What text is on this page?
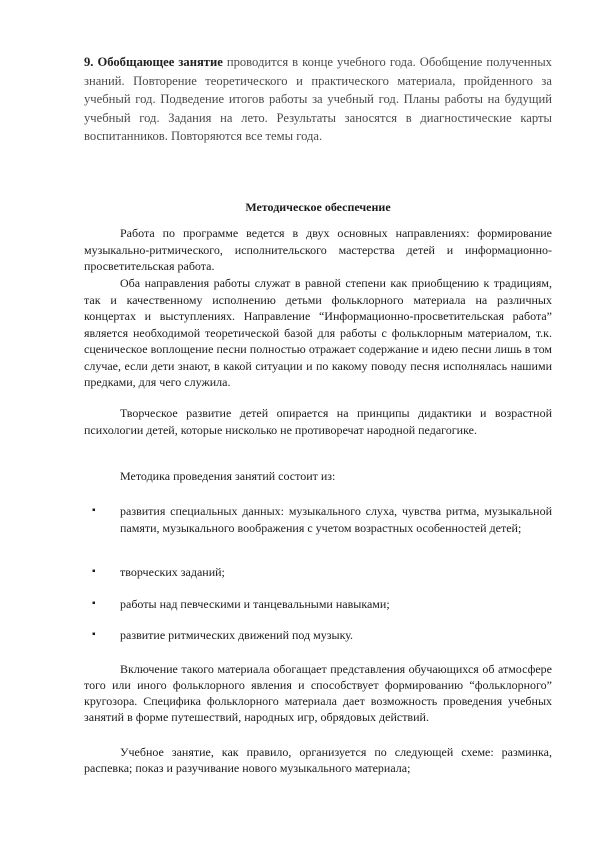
9. Обобщающее занятие проводится в конце учебного года. Обобщение полученных знаний. Повторение теоретического и практического материала, пройденного за учебный год. Подведение итогов работы за учебный год. Планы работы на будущий учебный год. Задания на лето. Результаты заносятся в диагностические карты воспитанников. Повторяются все темы года.

Методическое обеспечение

Работа по программе ведется в двух основных направлениях: формирование музыкально-ритмического, исполнительского мастерства детей и информационно-просветительская работа.

Оба направления работы служат в равной степени как приобщению к традициям, так и качественному исполнению детьми фольклорного материала на различных концертах и выступлениях. Направление “Информационно-просветительская работа” является необходимой теоретической базой для работы с фольклорным материалом, т.к. сценическое воплощение песни полностью отражает содержание и идею песни лишь в том случае, если дети знают, в какой ситуации и по какому поводу песня исполнялась нашими предками, для чего служила.

Творческое развитие детей опирается на принципы дидактики и возрастной психологии детей, которые нисколько не противоречат народной педагогике.

Методика проведения занятий состоит из:

▪ развития специальных данных: музыкального слуха, чувства ритма, музыкальной памяти, музыкального воображения с учетом возрастных особенностей детей;
▪ творческих заданий;
▪ работы над певческими и танцевальными навыками;
▪ развитие ритмических движений под музыку.

Включение такого материала обогащает представления обучающихся об атмосфере того или иного фольклорного явления и способствует формированию “фольклорного” кругозора. Специфика фольклорного материала дает возможность проведения учебных занятий в форме путешествий, народных игр, обрядовых действий.

Учебное занятие, как правило, организуется по следующей схеме: разминка, распевка; показ и разучивание нового музыкального материала;
